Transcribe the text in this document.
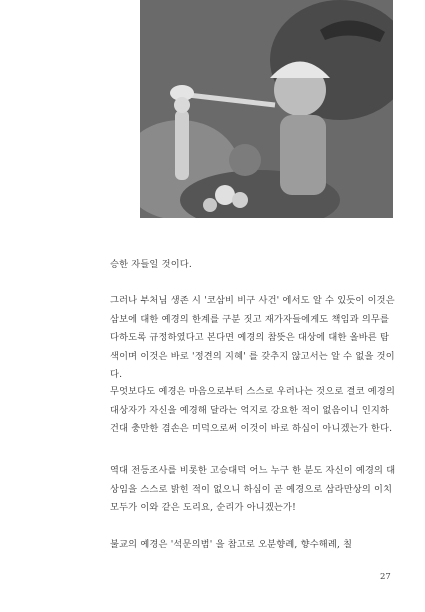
승한 자들일 것이다.

그러나 부처님 생존 시 '코삼비 비구 사건' 에서도 알 수 있듯이 이것은 삼보에 대한 예경의 한계를 구분 짓고 재가자들에게도 책임과 의무를 다하도록 규정하였다고 본다면 예경의 참뜻은 대상에 대한 올바른 탐색이며 이것은 바로 '정견의 지혜' 를 갖추지 않고서는 알 수 없을 것이다.

무엇보다도 예경은 마음으로부터 스스로 우러나는 것으로 결코 예경의 대상자가 자신을 예경해 달라는 억지로 강요한 적이 없음이니 인지하건대 충만한 겸손은 미덕으로써 이것이 바로 하심이 아니겠는가 한다.

역대 전등조사를 비롯한 고승대덕 어느 누구 한 분도 자신이 예경의 대상임을 스스로 밝힌 적이 없으니 하심이 곧 예경으로 삼라만상의 이치 모두가 이와 같은 도리요, 순리가 아니겠는가!

불교의 예경은 '석문의범' 을 참고로 오분향례, 향수해례, 칠

27
